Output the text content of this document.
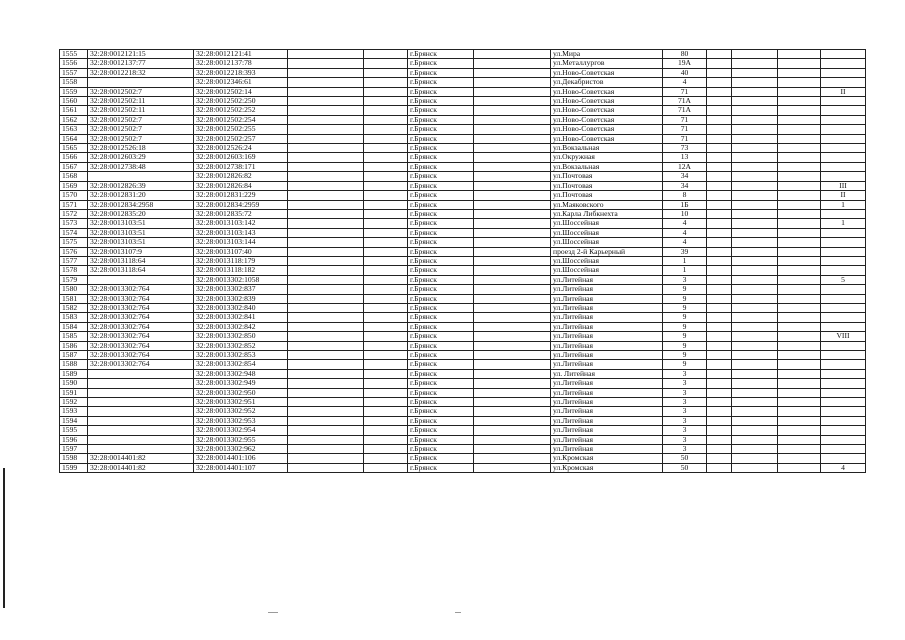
1555	32:28:0012121:15	32:28:0012121:41			г.Брянск		ул.Мира	80				
1556	32:28:0012137:77	32:28:0012137:78			г.Брянск		ул.Металлургов	19А				
1557	32:28:0012218:32	32:28:0012218:393			г.Брянск		ул.Ново-Советская	40				
1558		32:28:0012346:61			г.Брянск		ул.Декабристов	4				
1559	32:28:0012502:7	32:28:0012502:14			г.Брянск		ул.Ново-Советская	71				II
1560	32:28:0012502:11	32:28:0012502:250			г.Брянск		ул.Ново-Советская	71А				
1561	32:28:0012502:11	32:28:0012502:252			г.Брянск		ул.Ново-Советская	71А				
1562	32:28:0012502:7	32:28:0012502:254			г.Брянск		ул.Ново-Советская	71				
1563	32:28:0012502:7	32:28:0012502:255			г.Брянск		ул.Ново-Советская	71				
1564	32:28:0012502:7	32:28:0012502:257			г.Брянск		ул.Ново-Советская	71				
1565	32:28:0012526:18	32:28:0012526:24			г.Брянск		ул.Вокзальная	73				
1566	32:28:0012603:29	32:28:0012603:169			г.Брянск		ул.Окружная	13				
1567	32:28:0012738:48	32:28:0012738:171			г.Брянск		ул.Вокзальная	12А				
1568		32:28:0012826:82			г.Брянск		ул.Почтовая	34				
1569	32:28:0012826:39	32:28:0012826:84			г.Брянск		ул.Почтовая	34				III
1570	32:28:0012831:20	32:28:0012831:229			г.Брянск		ул.Почтовая	8				II
1571	32:28:0012834:2958	32:28:0012834:2959			г.Брянск		ул.Маяковского	1Б				1
1572	32:28:0012835:20	32:28:0012835:72			г.Брянск		ул.Карла Либкнехта	10				
1573	32:28:0013103:51	32:28:0013103:142			г.Брянск		ул.Шоссейная	4				1
1574	32:28:0013103:51	32:28:0013103:143			г.Брянск		ул.Шоссейная	4				
1575	32:28:0013103:51	32:28:0013103:144			г.Брянск		ул.Шоссейная	4				
1576	32:28:0013107:9	32:28:0013107:40			г.Брянск		проезд 2-й Карьерный	39				
1577	32:28:0013118:64	32:28:0013118:179			г.Брянск		ул.Шоссейная	1				
1578	32:28:0013118:64	32:28:0013118:182			г.Брянск		ул.Шоссейная	1				
1579		32:28:0013302:1058			г.Брянск		ул.Литейная	3				5
1580	32:28:0013302:764	32:28:0013302:837			г.Брянск		ул.Литейная	9				
1581	32:28:0013302:764	32:28:0013302:839			г.Брянск		ул.Литейная	9				
1582	32:28:0013302:764	32:28:0013302:840			г.Брянск		ул.Литейная	9				
1583	32:28:0013302:764	32:28:0013302:841			г.Брянск		ул.Литейная	9				
1584	32:28:0013302:764	32:28:0013302:842			г.Брянск		ул.Литейная	9				
1585	32:28:0013302:764	32:28:0013302:850			г.Брянск		ул.Литейная	9				VIII
1586	32:28:0013302:764	32:28:0013302:852			г.Брянск		ул.Литейная	9				
1587	32:28:0013302:764	32:28:0013302:853			г.Брянск		ул.Литейная	9				
1588	32:28:0013302:764	32:28:0013302:854			г.Брянск		ул.Литейная	9				
1589		32:28:0013302:948			г.Брянск		ул. Литейная	3				
1590		32:28:0013302:949			г.Брянск		ул.Литейная	3				
1591		32:28:0013302:950			г.Брянск		ул.Литейная	3				
1592		32:28:0013302:951			г.Брянск		ул.Литейная	3				
1593		32:28:0013302:952			г.Брянск		ул.Литейная	3				
1594		32:28:0013302:953			г.Брянск		ул.Литейная	3				
1595		32:28:0013302:954			г.Брянск		ул.Литейная	3				
1596		32:28:0013302:955			г.Брянск		ул.Литейная	3				
1597		32:28:0013302:962			г.Брянск		ул.Литейная	3				
1598	32:28:0014401:82	32:28:0014401:106			г.Брянск		ул.Кромская	50				
1599	32:28:0014401:82	32:28:0014401:107			г.Брянск		ул.Кромская	50				4
